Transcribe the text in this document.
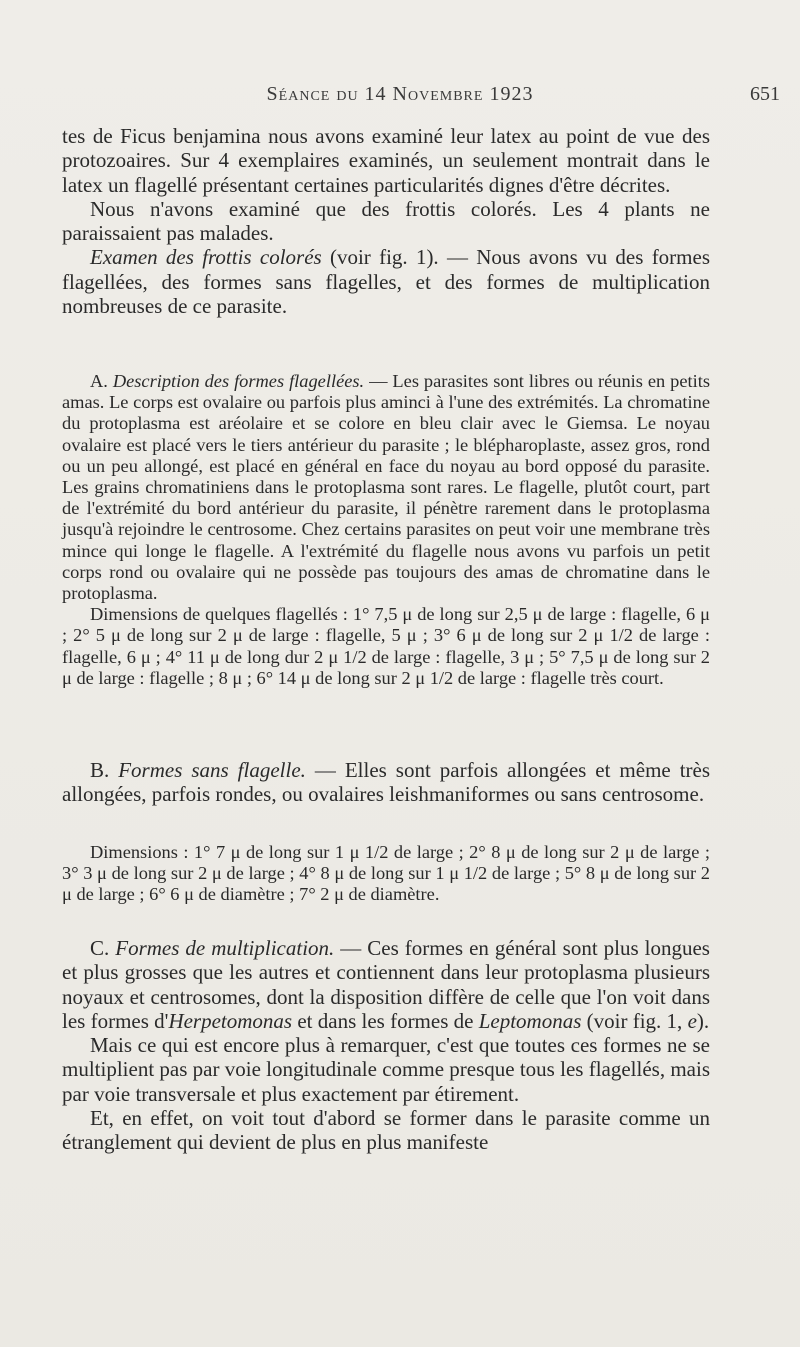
Séance du 14 Novembre 1923	651

tes de Ficus benjamina nous avons examiné leur latex au point de vue des protozoaires. Sur 4 exemplaires examinés, un seulement montrait dans le latex un flagellé présentant certaines particularités dignes d'être décrites.

Nous n'avons examiné que des frottis colorés. Les 4 plants ne paraissaient pas malades.

Examen des frottis colorés (voir fig. 1). — Nous avons vu des formes flagellées, des formes sans flagelles, et des formes de multiplication nombreuses de ce parasite.

A. Description des formes flagellées. — Les parasites sont libres ou réunis en petits amas. Le corps est ovalaire ou parfois plus aminci à l'une des extrémités. La chromatine du protoplasma est aréolaire et se colore en bleu clair avec le Giemsa. Le noyau ovalaire est placé vers le tiers antérieur du parasite ; le blépharoplaste, assez gros, rond ou un peu allongé, est placé en général en face du noyau au bord opposé du parasite. Les grains chromatiniens dans le protoplasma sont rares. Le flagelle, plutôt court, part de l'extrémité du bord antérieur du parasite, il pénètre rarement dans le protoplasma jusqu'à rejoindre le centrosome. Chez certains parasites on peut voir une membrane très mince qui longe le flagelle. A l'extrémité du flagelle nous avons vu parfois un petit corps rond ou ovalaire qui ne possède pas toujours des amas de chromatine dans le protoplasma.

Dimensions de quelques flagellés : 1° 7,5 μ de long sur 2,5 μ de large : flagelle, 6 μ ; 2° 5 μ de long sur 2 μ de large : flagelle, 5 μ ; 3° 6 μ de long sur 2 μ 1/2 de large : flagelle, 6 μ ; 4° 11 μ de long dur 2 μ 1/2 de large : flagelle, 3 μ ; 5° 7,5 μ de long sur 2 μ de large : flagelle ; 8 μ ; 6° 14 μ de long sur 2 μ 1/2 de large : flagelle très court.

B. Formes sans flagelle. — Elles sont parfois allongées et même très allongées, parfois rondes, ou ovalaires leishmaniformes ou sans centrosome.

Dimensions : 1° 7 μ de long sur 1 μ 1/2 de large ; 2° 8 μ de long sur 2 μ de large ; 3° 3 μ de long sur 2 μ de large ; 4° 8 μ de long sur 1 μ 1/2 de large ; 5° 8 μ de long sur 2 μ de large ; 6° 6 μ de diamètre ; 7° 2 μ de diamètre.

C. Formes de multiplication. — Ces formes en général sont plus longues et plus grosses que les autres et contiennent dans leur protoplasma plusieurs noyaux et centrosomes, dont la disposition diffère de celle que l'on voit dans les formes d'Herpetomonas et dans les formes de Leptomonas (voir fig. 1, e).

Mais ce qui est encore plus à remarquer, c'est que toutes ces formes ne se multiplient pas par voie longitudinale comme presque tous les flagellés, mais par voie transversale et plus exactement par étirement.

Et, en effet, on voit tout d'abord se former dans le parasite comme un étranglement qui devient de plus en plus manifeste
